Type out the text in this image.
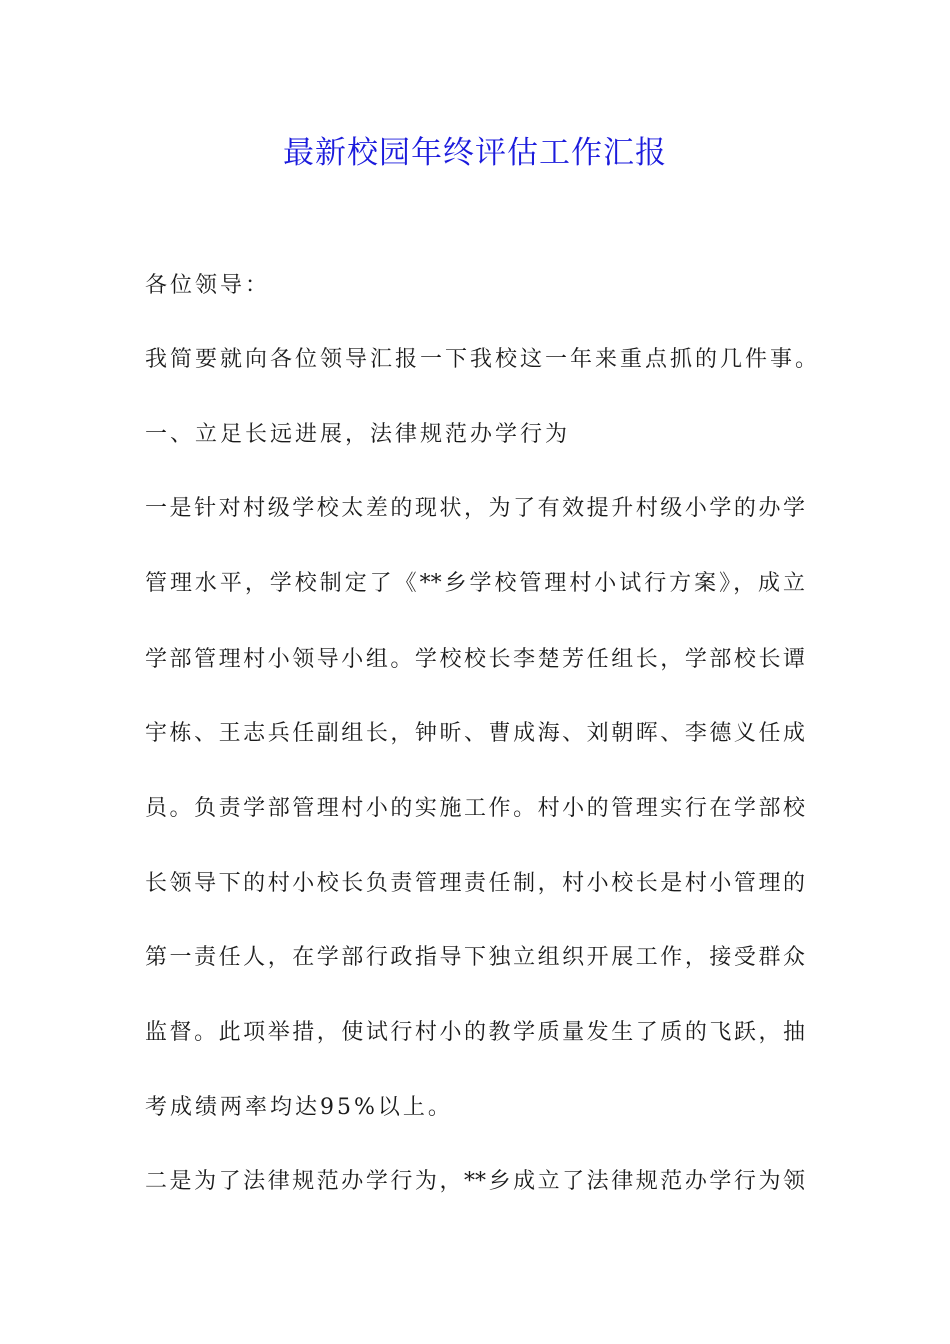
最新校园年终评估工作汇报
各位领导：
我简要就向各位领导汇报一下我校这一年来重点抓的几件事。
一、立足长远进展，法律规范办学行为
一是针对村级学校太差的现状，为了有效提升村级小学的办学
管理水平，学校制定了《**乡学校管理村小试行方案》，成立
学部管理村小领导小组。学校校长李楚芳任组长，学部校长谭
宇栋、王志兵任副组长，钟昕、曹成海、刘朝晖、李德义任成
员。负责学部管理村小的实施工作。村小的管理实行在学部校
长领导下的村小校长负责管理责任制，村小校长是村小管理的
第一责任人，在学部行政指导下独立组织开展工作，接受群众
监督。此项举措，使试行村小的教学质量发生了质的飞跃，抽
考成绩两率均达95%以上。
二是为了法律规范办学行为，**乡成立了法律规范办学行为领
